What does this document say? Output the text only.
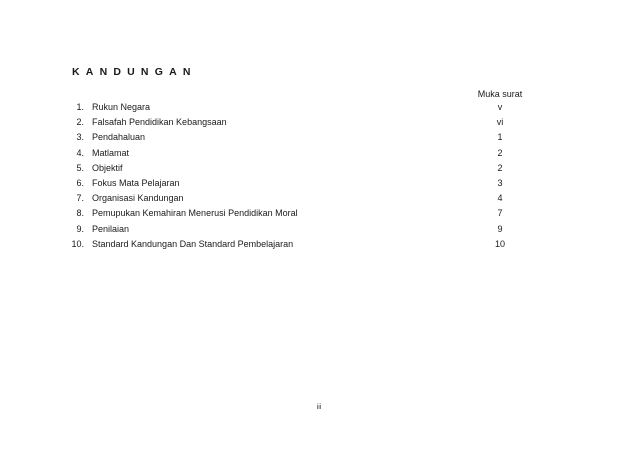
KANDUNGAN
Muka surat
1. Rukun Negara	v
2. Falsafah Pendidikan Kebangsaan	vi
3. Pendahaluan	1
4. Matlamat	2
5. Objektif	2
6. Fokus Mata Pelajaran	3
7. Organisasi Kandungan	4
8. Pemupukan Kemahiran Menerusi Pendidikan Moral	7
9. Penilaian	9
10. Standard Kandungan Dan Standard Pembelajaran	10
iii
